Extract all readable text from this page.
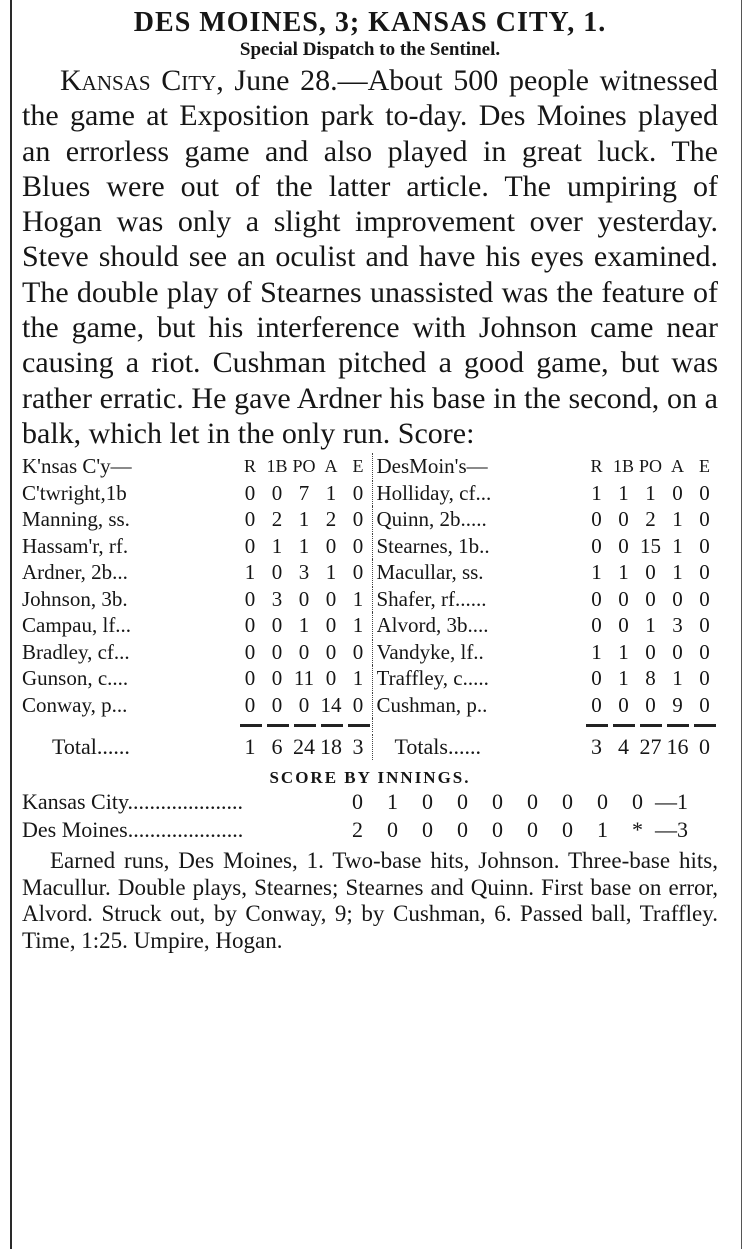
DES MOINES, 3; KANSAS CITY, 1.
Special Dispatch to the Sentinel.
Kansas City, June 28.—About 500 people witnessed the game at Exposition park to-day. Des Moines played an errorless game and also played in great luck. The Blues were out of the latter article. The umpiring of Hogan was only a slight improvement over yesterday. Steve should see an oculist and have his eyes examined. The double play of Stearnes unassisted was the feature of the game, but his interference with Johnson came near causing a riot. Cushman pitched a good game, but was rather erratic. He gave Ardner his base in the second, on a balk, which let in the only run. Score:
K'nsas C'y—	R 1B PO A E DesMoin's—	R 1B PO A E
C'twright,1b	0 0 7 1 0 Holliday, cf...	1 1 1 0 0
Manning, ss.	0 2 1 2 0 Quinn, 2b.....	0 0 2 1 0
Hassam'r, rf.	0 1 1 0 0 Stearnes, 1b..	0 0 15 1 0
Ardner, 2b...	1 0 3 1 0 Macullar, ss.	1 1 0 1 0
Johnson, 3b.	0 3 0 0 1 Shafer, rf......	0 0 0 0 0
Campau, lf...	0 0 1 0 1 Alvord, 3b....	0 0 1 3 0
Bradley, cf...	0 0 0 0 0 Vandyke, lf..	1 1 0 0 0
Gunson, c....	0 0 11 0 1 Traffley, c.....	0 1 8 1 0
Conway, p...	0 0 0 14 0 Cushman, p..	0 0 0 9 0
Total......	1 6 24 18 3	Totals......	3 4 27 16 0
SCORE BY INNINGS.
Kansas City.....................	0	1	0	0	0	0	0	0	0 —1
Des Moines.....................	2	0	0	0	0	0	0	1	* —3
Earned runs, Des Moines, 1. Two-base hits, Johnson. Three-base hits, Macullur. Double plays, Stearnes; Stearnes and Quinn. First base on error, Alvord. Struck out, by Conway, 9; by Cushman, 6. Passed ball, Traffley. Time, 1:25. Umpire, Hogan.
